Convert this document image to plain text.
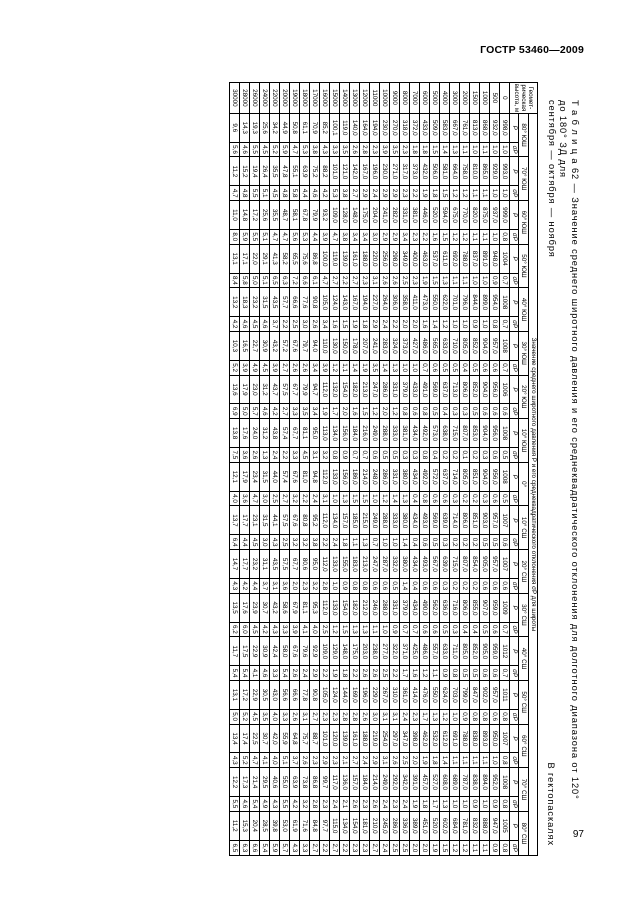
ГОСТР 53460—2009
Т а б л и ц а 62 — Значение среднего широтного давления и его среднеквадратического отклонения для долготного диапазона от 120° до 180° ЗД для
сентября — октября — ноября
В гектопаскалях
Геомет-рическая высота, м	Значение среднего широтного давления P и его среднеквадратического отклонения σP для широты																																	
	80° ЮШ		70° ЮШ		60° ЮШ		50° ЮШ		40° ЮШ		30° ЮШ		20° ЮШ		10° ЮШ		0°		10° СШ		20° СШ		30° СШ		40° СШ		50° СШ		60° СШ		70° СШ		80° СШ	
	P	σP	P	σP	P	σP	P	σP	P	σP	P	σP	P	σP	P	σP	P	σP	P	σP	P	σP	P	σP	P	σP	P	σP	P	σP	P	σP	P	σP
0	998,0	1,0	993,0	1,0	999,0	0,8	1004	0,7	1008	0,7	1008	0,7	1006	0,6	1008	0,5	1008	0,5	1007	0,6	1007	0,6	1009	0,7	1012	0,7	1011	0,8	1007	0,8	1008	0,8	1005	0,8
500	932,0	1,0	929,0	1,0	937,0	1,0	948,0	0,9	954,0	0,8	957,0	0,6	956,0	0,6	956,0	0,6	956,0	0,6	957,0	0,5	957,0	0,6	959,0	0,6	959,0	0,6	957,0	0,6	950,0	1,0	952,0	0,9	947,0	0,9
1000	868,0	1,1	865,0	1,1	875,0	1,1	891,0	1,0	899,0	1,0	904,0	0,6	904,0	0,6	904,0	0,3	904,0	0,3	903,0	0,5	905,0	0,6	907,0	0,5	905,0	0,6	902,0	0,8	893,0	1,1	894,0	1,0	888,0	1,1
1500	813,0	1,0	810,0	1,1	820,0	1,1	837,0	1,0	844,0	0,9	852,0	0,5	852,0	0,5	853,0	0,2	851,0	0,2	851,0	0,2	854,0	0,2	855,0	0,4	852,0	0,5	847,0	0,8	838,0	1,1	838,0	0,9	832,0	1,1
2000	761,0	1,1	758,0	1,2	770,0	1,2	788,0	1,1	796,0	1,0	805,0	0,4	806,0	0,3	807,0	0,1	805,0	0,2	806,0	0,2	807,0	0,2	806,0	0,4	805,0	0,5	799,0	0,9	788,0	1,1	787,0	1,0	781,0	1,2
3000	667,0	1,3	664,0	1,2	675,0	1,2	692,0	1,1	701,0	1,0	710,0	0,5	713,0	0,3	715,0	0,2	714,0	0,3	714,0	0,2	715,0	0,2	716,0	0,3	711,0	0,8	703,0	1,0	691,0	1,1	689,0	1,0	684,0	1,2
4000	583,0	1,4	581,0	1,5	594,0	1,5	611,0	1,3	622,0	1,2	633,0	0,5	637,0	0,4	638,0	0,2	637,0	0,6	639,0	0,3	639,0	0,3	636,0	0,5	633,0	0,9	624,0	1,2	612,0	1,4	608,0	1,3	602,0	1,5
5000	509,0	1,5	506,0	1,8	520,0	1,6	537,0	1,5	550,0	1,4	565,0	0,6	569,0	0,5	573,0	0,4	572,0	0,6	569,0	0,5	567,0	0,6	562,0	0,6	557,0	1,1	550,0	1,3	532,0	1,8	527,0	1,7	520,0	1,9
6000	433,0	1,8	432,0	1,9	446,0	2,2	463,0	1,9	473,0	1,6	486,0	0,7	491,0	0,8	492,0	0,8	492,0	0,8	493,0	0,6	493,0	0,6	490,0	0,6	486,0	1,2	476,0	1,7	462,0	1,9	457,0	1,8	451,0	2,0
7000	372,0	1,8	373,0	2,2	381,0	2,3	400,0	2,3	411,0	2,0	427,0	1,0	433,0	0,6	434,0	0,3	434,0	0,4	434,0	0,4	434,0	0,4	434,0	0,7	425,0	1,6	414,0	2,3	398,0	2,0	391,0	1,9	389,0	2,0
8000	318,0	2,3	317,0	2,3	331,0	3,4	349,0	2,5	358,0	2,0	373,0	1,0	379,0	0,8	381,0	0,3	380,0	1,3	380,0	1,4	380,0	1,4	379,0	0,7	371,0	1,7	361,0	2,4	347,0	2,5	342,0	2,4	336,0	2,5
9000	270,0	3,5	271,0	2,9	282,0	2,9	298,0	2,6	306,0	2,2	324,0	1,3	331,0	1,2	333,0	0,5	331,0	1,4	333,0	1,0	332,0	0,5	331,0	0,9	322,0	2,2	310,0	3,1	297,0	2,6	292,0	2,3	286,0	2,5
10000	230,0	3,9	230,0	2,9	241,0	2,9	256,0	2,6	264,0	2,4	283,0	1,4	286,0	2,0	288,0	0,5	286,0	1,2	288,0	1,0	287,0	0,6	288,0	1,0	277,0	2,5	267,0	3,1	254,0	3,1	249,0	2,4	245,0	2,4
11000	194,0	2,3	196,0	2,4	204,0	3,0	220,0	3,1	227,0	2,9	241,0	3,5	247,0	1,2	249,0	0,6	248,0	1,0	249,0	0,7	247,0	0,6	246,0	1,1	238,0	2,6	229,0	3,0	219,0	2,9	214,0	2,6	210,0	2,7
12000	164,0	2,8	167,0	2,9	175,0	3,4	188,0	2,3	194,0	1,8	207,0	1,9	213,0	1,5	216,0	0,7	214,0	1,5	215,0	1,3	213,0	0,8	212,0	1,3	203,0	2,6	196,0	2,6	188,0	2,4	184,0	2,3	181,0	2,3
13000	140,0	2,6	142,0	2,7	148,0	3,4	161,0	2,7	167,0	1,9	178,0	1,4	182,0	1,6	184,0	0,7	186,0	1,5	185,0	1,1	183,0	0,8	182,0	1,3	175,0	2,2	169,0	2,8	161,0	2,7	157,0	2,6	154,0	2,3
14000	119,0	3,5	121,0	3,8	128,0	3,8	139,0	2,2	143,0	1,5	150,0	1,1	154,0	2,0	156,0	0,9	156,0	1,3	157,0	1,8	155,0	0,9	154,0	1,5	148,0	1,8	144,0	2,8	139,0	2,1	136,0	2,1	134,0	2,2
15000	100,1	3,3	101,0	5,3	109,0	4,7	119,0	2,7	124,0	1,6	130,0	1,2	132,0	1,7	134,0	0,8	133,0	1,0	134,0	2,4	133,0	1,0	133,0	1,2	129,0	1,9	124,0	2,3	120,0	2,3	117,0	2,4	115,0	2,7
16000	85,2	4,3	88,2	4,2	93,2	3,9	100,0	4,7	105,0	3,4	110,0	3,9	112,0	1,9	113,0	3,2	112,0	3,1	112,0	2,2	112,0	2,8	112,0	2,5	109,0	2,2	105,0	2,3	101,0	2,9	99,7	2,3	97,7	2,2
17000	70,9	3,8	75,2	4,6	79,9	4,4	86,8	6,1	90,8	2,6	94,0	3,4	94,7	3,4	95,0	3,1	94,8	2,4	95,2	3,8	95,0	3,2	95,3	4,0	92,9	2,9	90,8	2,7	88,7	2,3	86,8	2,8	84,8	2,7
18000	61,1	5,3	63,9	4,4	67,8	5,3	75,6	6,6	77,6	3,0	79,7	2,6	79,9	3,5	81,1	4,5	81,0	2,2	80,8	3,2	80,6	2,3	81,1	4,1	79,6	2,4	77,8	3,1	75,7	2,6	73,8	3,2	71,6	3,3
19000	50,8	4,7	55,1	5,8	58,1	5,6	65,5	7,2	66,6	2,5	67,6	2,6	67,7	3,3	67,7	3,3	67,6	3,2	67,6	3,2	67,7	2,0	67,9	3,9	67,6	2,6	66,6	2,6	64,8	3,7	63,9	4,2	61,9	4,3
20000	44,9	5,9	47,8	4,8	48,7	4,7	58,2	6,3	57,7	2,2	57,2	2,7	57,5	2,7	57,4	2,2	57,4	2,7	57,5	2,5	57,5	3,6	58,6	3,3	58,0	5,4	56,6	3,3	55,9	5,1	55,0	5,5	53,0	5,7
22000	34,2	5,2	35,5	4,5	35,5	4,7	41,3	6,5	43,5	3,7	43,2	3,9	43,7	4,2	43,8	2,4	44,0	2,5	44,1	4,3	43,5	3,1	43,2	4,3	42,4	3,3	43,0	4,0	42,0	4,0	40,6	4,3	39,8	5,9
24000	25,6	4,5	26,4	5,1	25,6	5,1	29,1	5,1	31,5	4,6	30,9	4,5	31,2	4,6	31,2	1,3	31,5	3,0	31,5	3,0	31,1	3,7	30,7	4,2	30,9	4,6	30,5	3,5	30,7	4,1	29,5	4,9	28,5	5,4
26000	19,3	5,5	19,4	5,5	17,2	5,5	22,0	5,0	23,2	4,5	22,7	4,9	23,0	5,7	24,0	2,6	23,4	4,7	23,1	4,5	23,2	4,4	23,9	4,5	22,9	4,1	22,9	4,5	22,5	4,7	21,4	5,4	20,4	6,6
28000	14,3	4,6	15,2	4,8	14,8	5,9	17,1	5,8	18,3	4,6	16,5	3,9	17,9	5,0	17,6	3,6	17,9	3,6	17,7	4,4	17,7	4,2	17,6	6,0	17,5	5,4	17,2	5,2	17,4	5,2	17,3	4,6	15,3	6,3
30000	9,6	5,6	11,2	4,7	11,0	8,0	13,1	8,4	13,2	4,2	10,3	5,2	13,6	6,9	13,8	7,5	12,1	4,0	13,7	6,4	14,7	4,3	13,5	6,2	11,7	5,4	13,1	5,0	13,4	4,3	12,2	5,5	11,2	6,5
97
